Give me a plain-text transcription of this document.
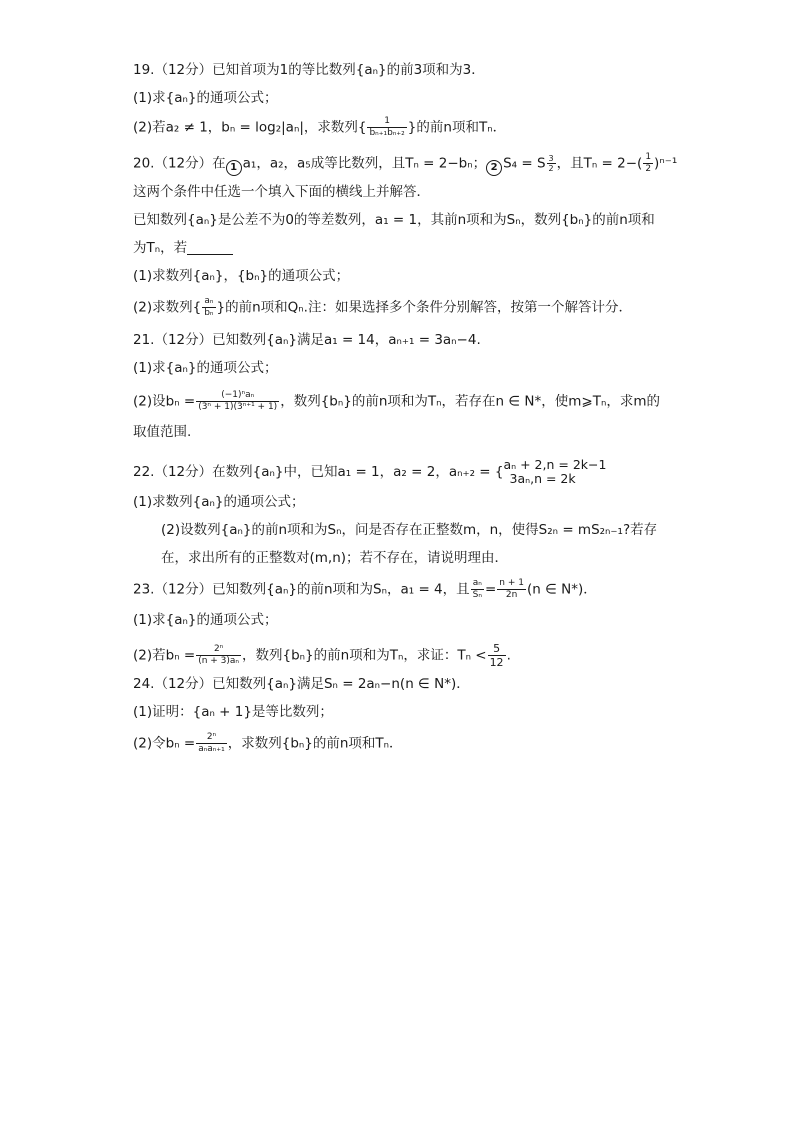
19.（12分）已知首项为1的等比数列{aₙ}的前3项和为3．
(1)求{aₙ}的通项公式；
(2)若a₂ ≠ 1，bₙ = log₂|aₙ|，求数列{ $\frac{1}{\text{bₙ₊₁bₙ₊₂}}$ }的前n项和Tₙ．
20.（12分）在 1 a₁，a₂，a₅成等比数列，且Tₙ = 2−bₙ； 2 S₄ = S $\frac{3}{2}$ ，且$T_n = 2-( \frac{1}{2} )^{n-1}$
这两个条件中任选一个填入下面的横线上并解答．
已知数列{aₙ}是公差不为0的等差数列，a₁ = 1，其前n项和为Sₙ，数列{bₙ}的前n项和
为Tₙ，若
(1)求数列{aₙ}，{bₙ}的通项公式；
(2)求数列{ $\frac{\text{aₙ}}{\text{bₙ}}$ }的前n项和Qₙ.注：如果选择多个条件分别解答，按第一个解答计分．
21.（12分）已知数列{aₙ}满足a₁ = 14，aₙ₊₁ = 3aₙ−4.
(1)求{aₙ}的通项公式；
(2)设$b_n = \frac{\text{(−1)ⁿaₙ}}{\text{(3ⁿ + 1)(3ⁿ⁺¹ + 1)}}$ ，数列{bₙ}的前n项和为Tₙ，若存在n ∈ N*，使m⩾Tₙ，求m的
取值范围.
22.（12分）在数列{aₙ}中，已知a₁ = 1，a₂ = 2，aₙ₊₂ = { aₙ + 2,n = 2k−1
3aₙ,n = 2k
(1)求数列{aₙ}的通项公式；
(2)设数列{aₙ}的前n项和为Sₙ，问是否存在正整数m，n，使得S₂ₙ = mS₂ₙ₋₁?若存
在，求出所有的正整数对(m,n)；若不存在，请说明理由．
23.（12分）已知数列{aₙ}的前n项和为Sₙ，a₁ = 4，且 $\frac{\text{aₙ}}{\text{Sₙ}} = \frac{n + 1}{2n} (n$ ∈ N*)．
(1)求{aₙ}的通项公式；
(2)若$b_n = \frac{\text{2ⁿ}}{\text{(n + 3)aₙ}}$ ，数列{bₙ}的前n项和为Tₙ，求证：$T_n < \frac{5}{12}$ .
24.（12分）已知数列{aₙ}满足Sₙ = 2aₙ−n(n ∈ N*)．
(1)证明：{aₙ + 1}是等比数列；
(2)令$b_n = \frac{\text{2ⁿ}}{\text{aₙaₙ₊₁}}$ ，求数列{bₙ}的前n项和Tₙ．
